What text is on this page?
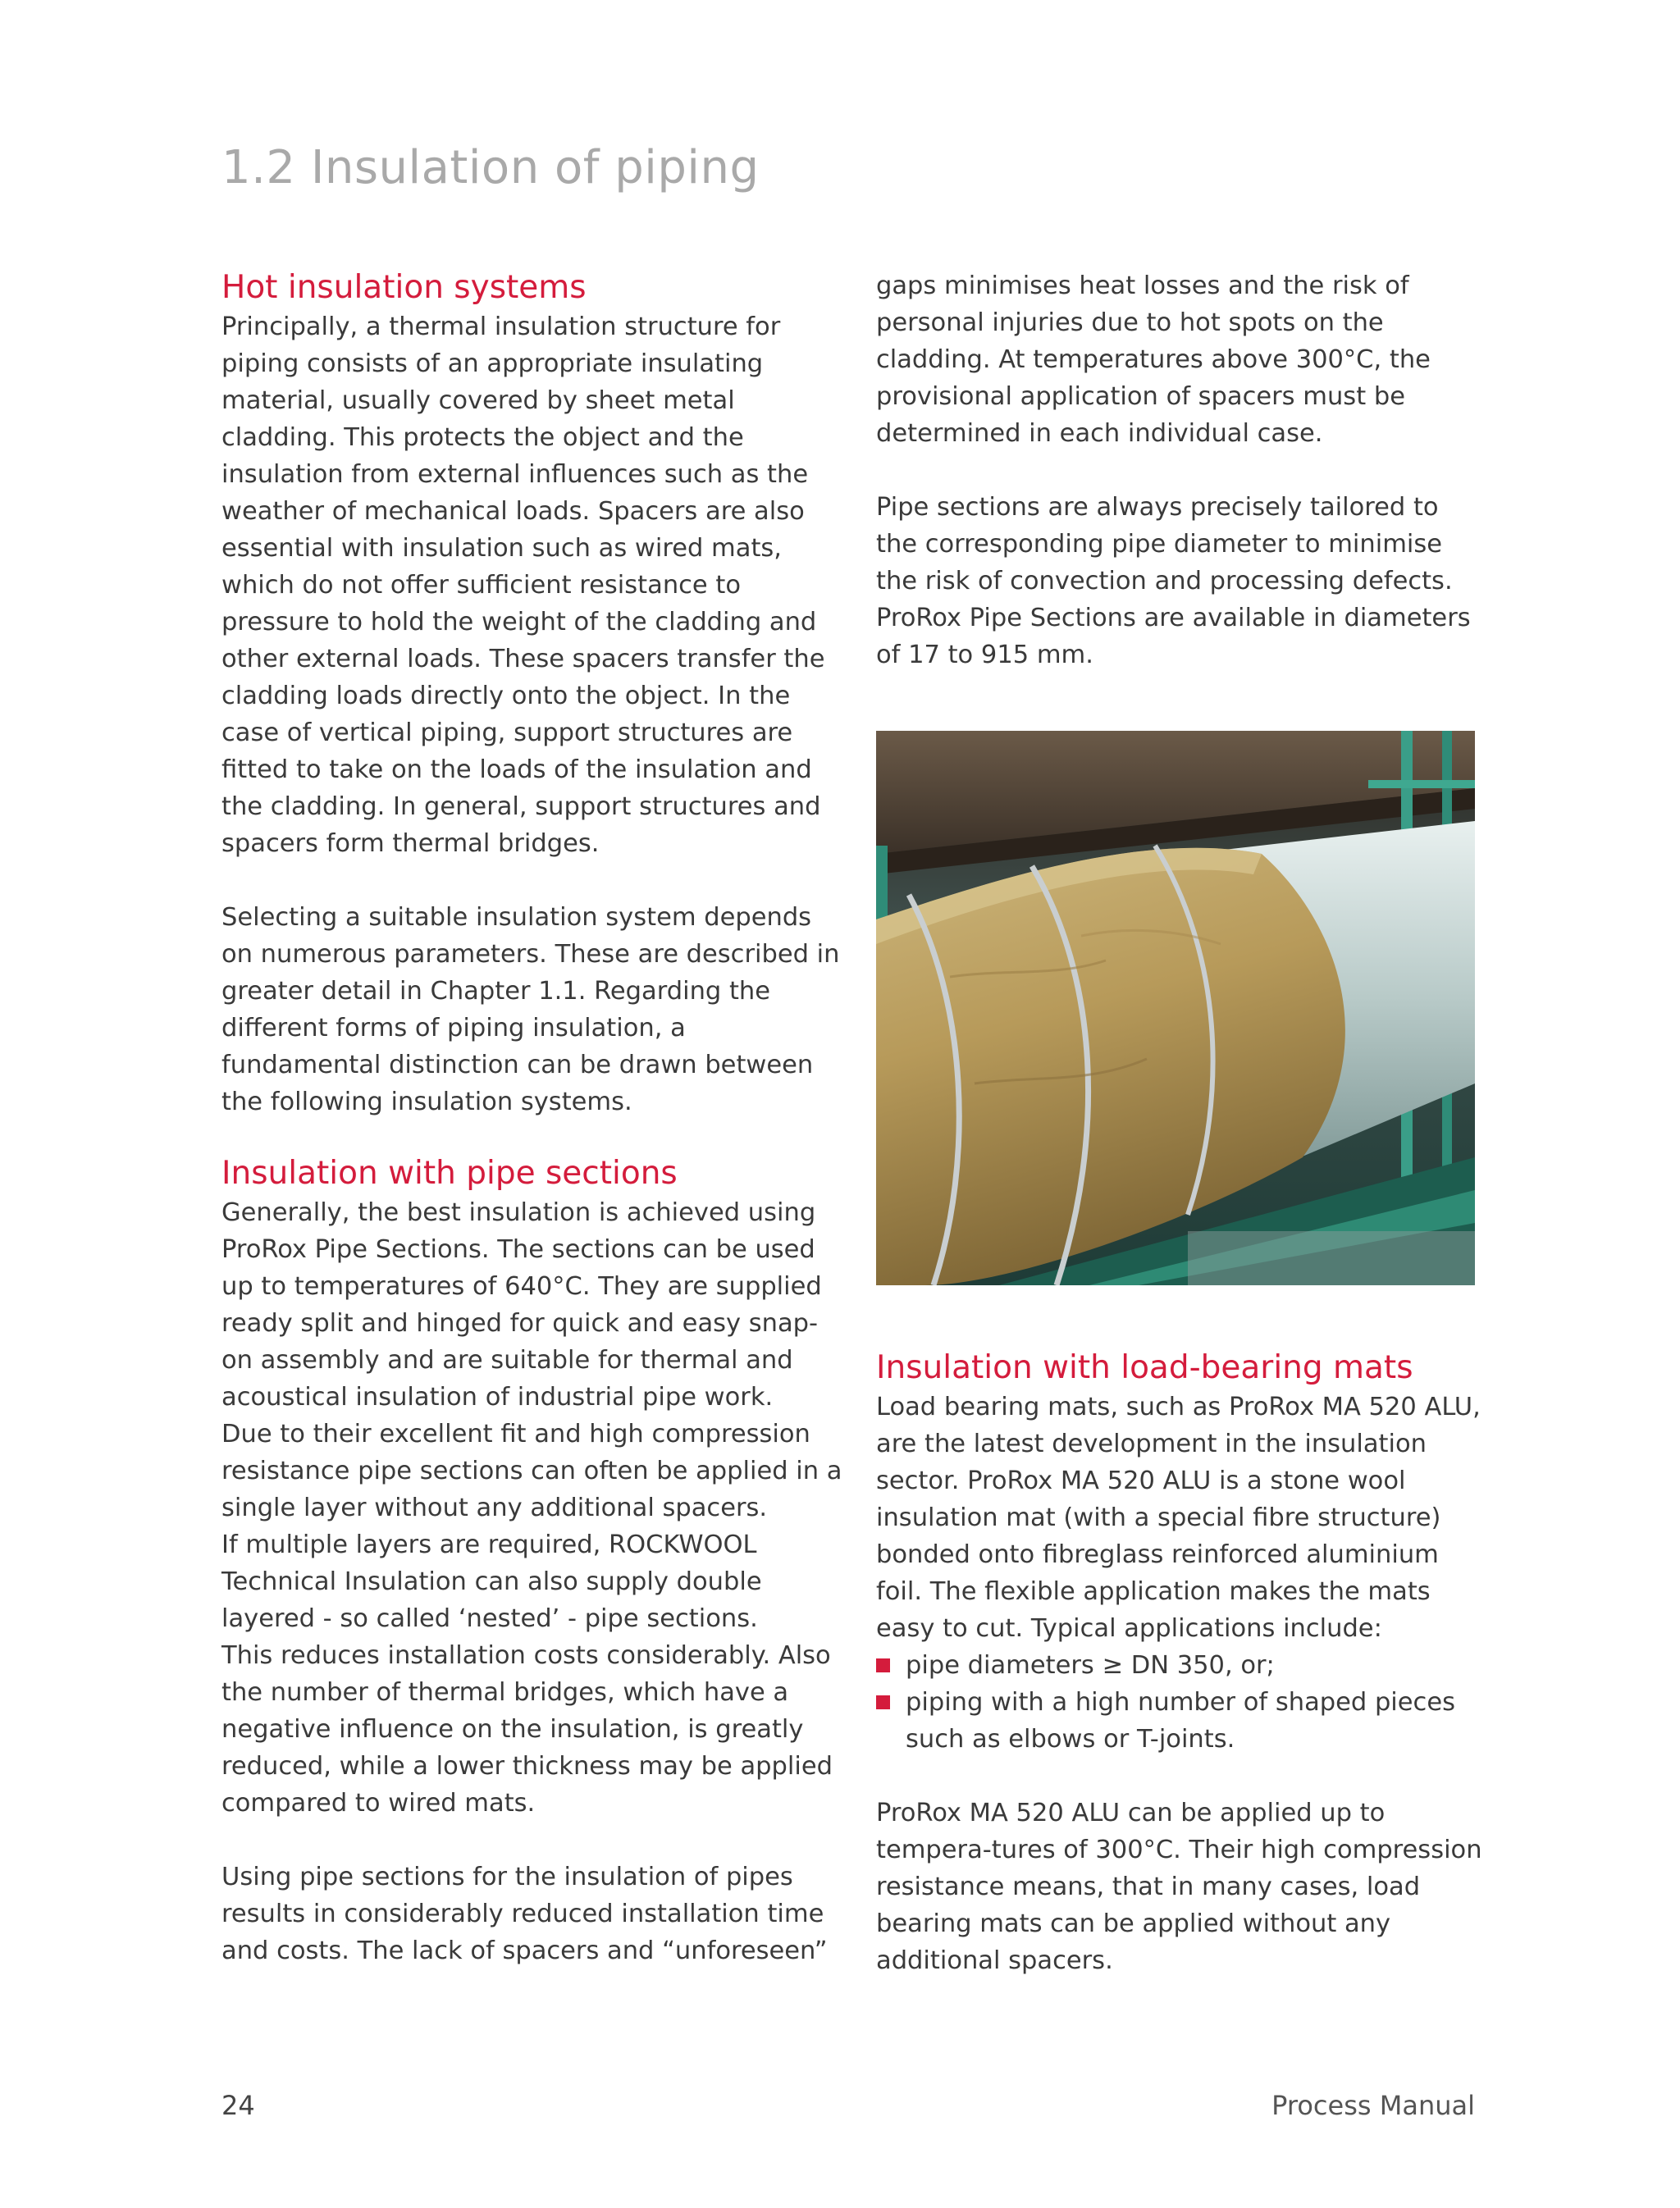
1.2 Insulation of piping
Hot insulation systems

Principally, a thermal insulation structure for piping consists of an appropriate insulating material, usually covered by sheet metal cladding. This protects the object and the insulation from external influences such as the weather of mechanical loads. Spacers are also essential with insulation such as wired mats, which do not offer sufficient resistance to pressure to hold the weight of the cladding and other external loads. These spacers transfer the cladding loads directly onto the object. In the case of vertical piping, support structures are fitted to take on the loads of the insulation and the cladding. In general, support structures and spacers form thermal bridges.

Selecting a suitable insulation system depends on numerous parameters. These are described in greater detail in Chapter 1.1. Regarding the different forms of piping insulation, a fundamental distinction can be drawn between the following insulation systems.

Insulation with pipe sections

Generally, the best insulation is achieved using ProRox Pipe Sections. The sections can be used up to temperatures of 640°C. They are supplied ready split and hinged for quick and easy snap-on assembly and are suitable for thermal and acoustical insulation of industrial pipe work.

Due to their excellent fit and high compression resistance pipe sections can often be applied in a single layer without any additional spacers.

If multiple layers are required, ROCKWOOL Technical Insulation can also supply double layered - so called ‘nested’ - pipe sections.

This reduces installation costs considerably. Also the number of thermal bridges, which have a negative influence on the insulation, is greatly reduced, while a lower thickness may be applied compared to wired mats.

Using pipe sections for the insulation of pipes results in considerably reduced installation time and costs. The lack of spacers and “unforeseen”

gaps minimises heat losses and the risk of personal injuries due to hot spots on the cladding. At temperatures above 300°C, the provisional application of spacers must be determined in each individual case.

Pipe sections are always precisely tailored to the corresponding pipe diameter to minimise the risk of convection and processing defects. ProRox Pipe Sections are available in diameters of 17 to 915 mm.

Insulation with load-bearing mats

Load bearing mats, such as ProRox MA 520 ALU, are the latest development in the insulation sector. ProRox MA 520 ALU is a stone wool insulation mat (with a special fibre structure) bonded onto fibreglass reinforced aluminium foil. The flexible application makes the mats easy to cut. Typical applications include:

pipe diameters ≥ DN 350, or;
piping with a high number of shaped pieces such as elbows or T-joints.

ProRox MA 520 ALU can be applied up to tempera-tures of 300°C. Their high compression resistance means, that in many cases, load bearing mats can be applied without any additional spacers.

24	Process Manual
